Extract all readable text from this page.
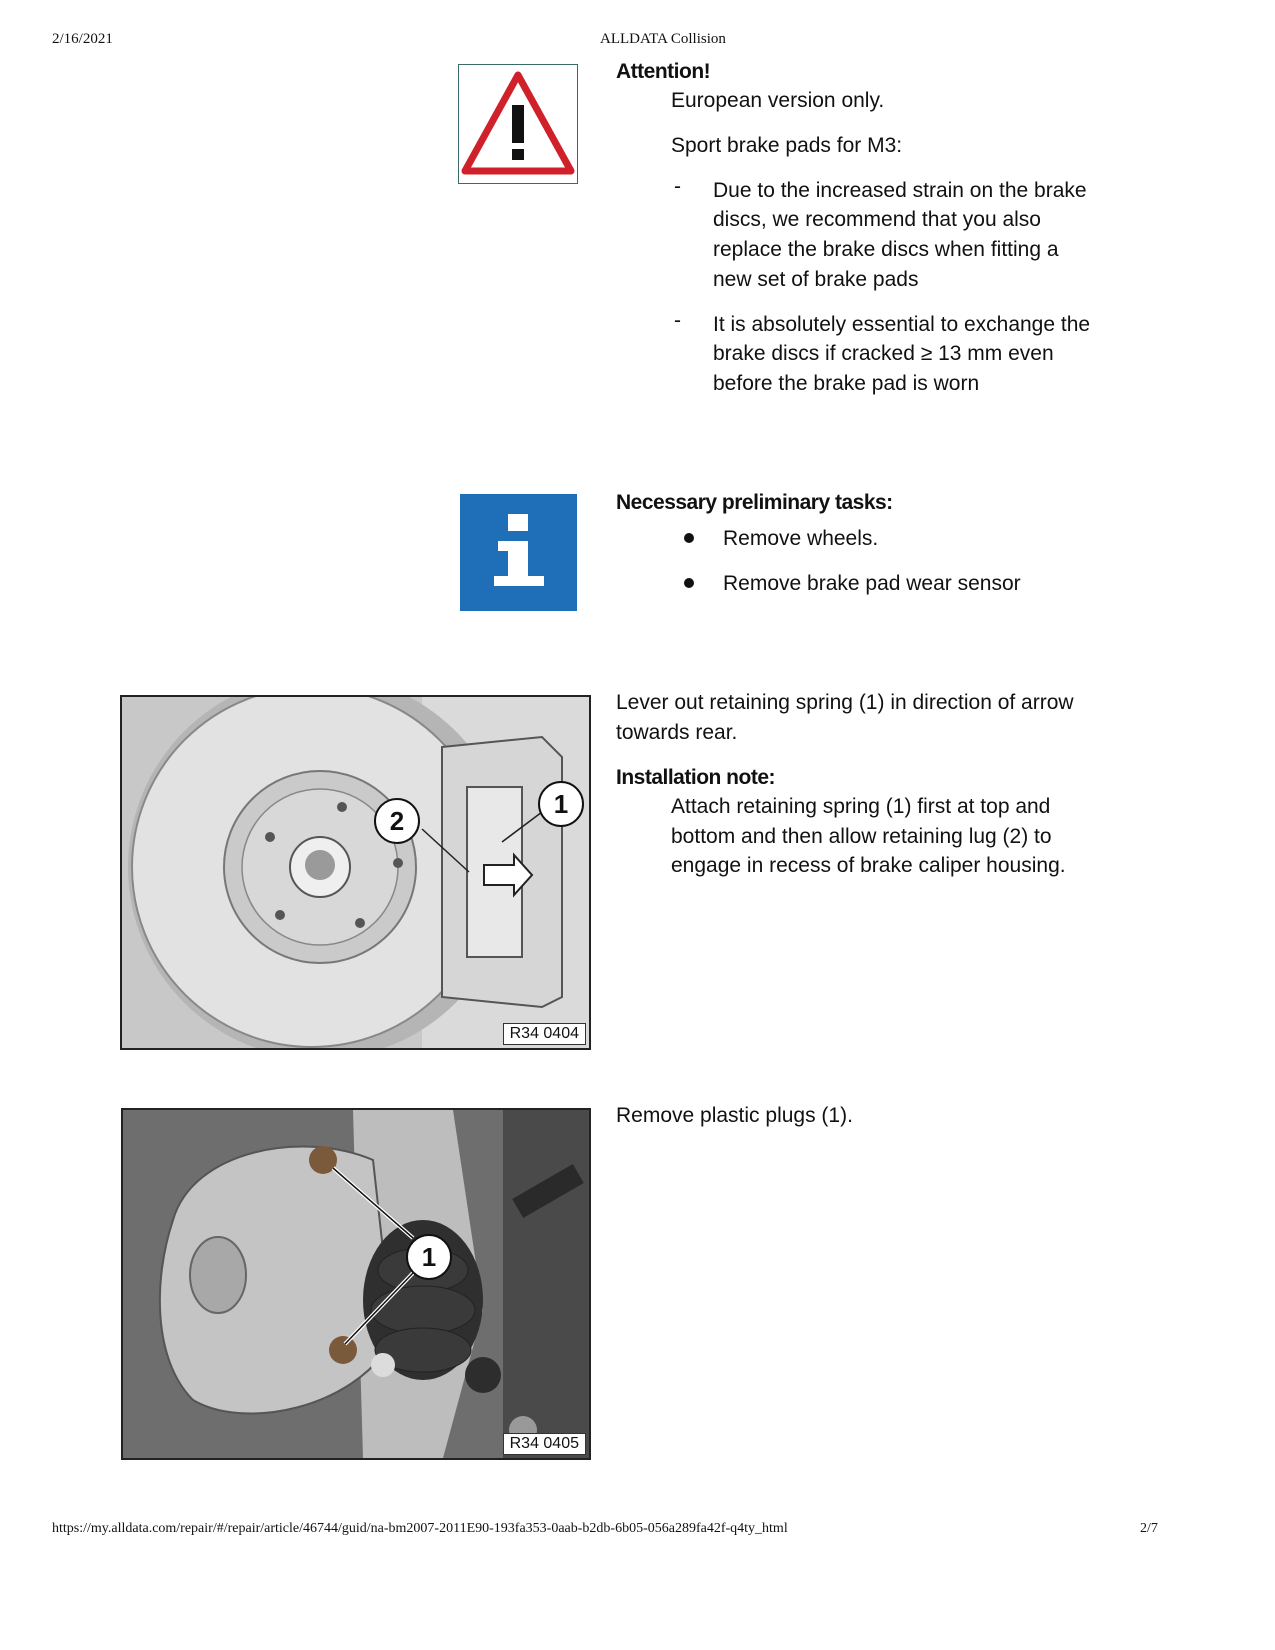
2/16/2021	ALLDATA Collision
Attention!
European version only.
Sport brake pads for M3:
- Due to the increased strain on the brake
discs, we recommend that you also
replace the brake discs when fitting a
new set of brake pads
- It is absolutely essential to exchange the
brake discs if cracked ≥ 13 mm even
before the brake pad is worn
Necessary preliminary tasks:
Remove wheels.
Remove brake pad wear sensor
2
1
R34 0404
Lever out retaining spring (1) in direction of arrow
towards rear.
Installation note:
Attach retaining spring (1) first at top and
bottom and then allow retaining lug (2) to
engage in recess of brake caliper housing.
1
R34 0405
Remove plastic plugs (1).
https://my.alldata.com/repair/#/repair/article/46744/guid/na-bm2007-2011E90-193fa353-0aab-b2db-6b05-056a289fa42f-q4ty_html	2/7
